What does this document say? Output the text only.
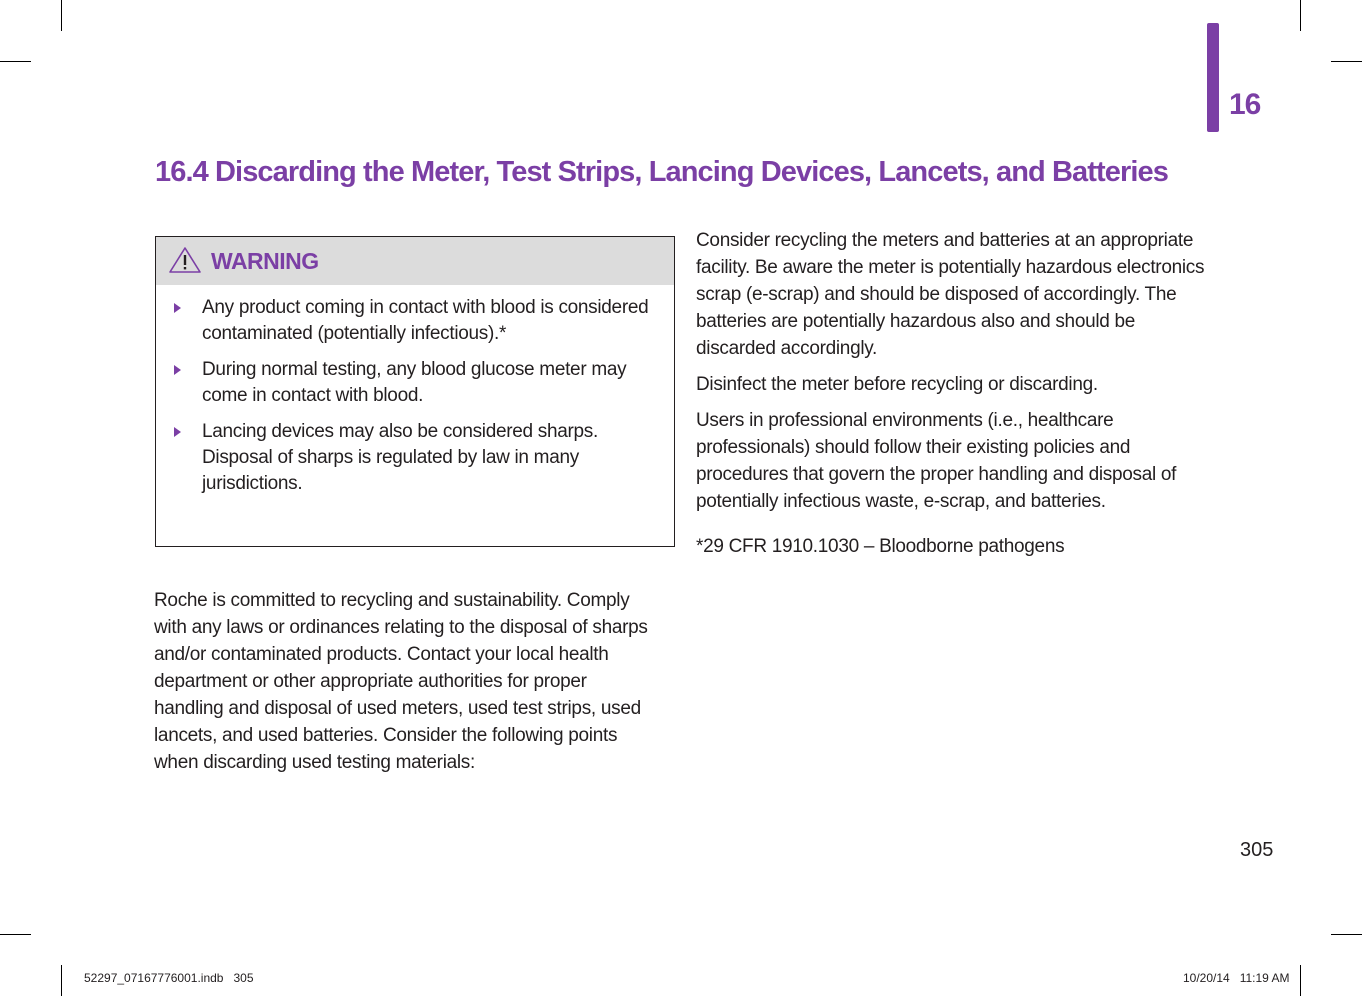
16
16.4 Discarding the Meter, Test Strips, Lancing Devices, Lancets, and Batteries
WARNING
Any product coming in contact with blood is considered contaminated (potentially infectious).*
During normal testing, any blood glucose meter may come in contact with blood.
Lancing devices may also be considered sharps. Disposal of sharps is regulated by law in many jurisdictions.

Roche is committed to recycling and sustainability. Comply with any laws or ordinances relating to the disposal of sharps and/or contaminated products. Contact your local health department or other appropriate authorities for proper handling and disposal of used meters, used test strips, used lancets, and used batteries. Consider the following points when discarding used testing materials:

Consider recycling the meters and batteries at an appropriate facility. Be aware the meter is potentially hazardous electronics scrap (e-scrap) and should be disposed of accordingly. The batteries are potentially hazardous also and should be discarded accordingly.

Disinfect the meter before recycling or discarding.

Users in professional environments (i.e., healthcare professionals) should follow their existing policies and procedures that govern the proper handling and disposal of potentially infectious waste, e-scrap, and batteries.

*29 CFR 1910.1030 – Bloodborne pathogens

305
52297_07167776001.indb   305	10/20/14   11:19 AM
